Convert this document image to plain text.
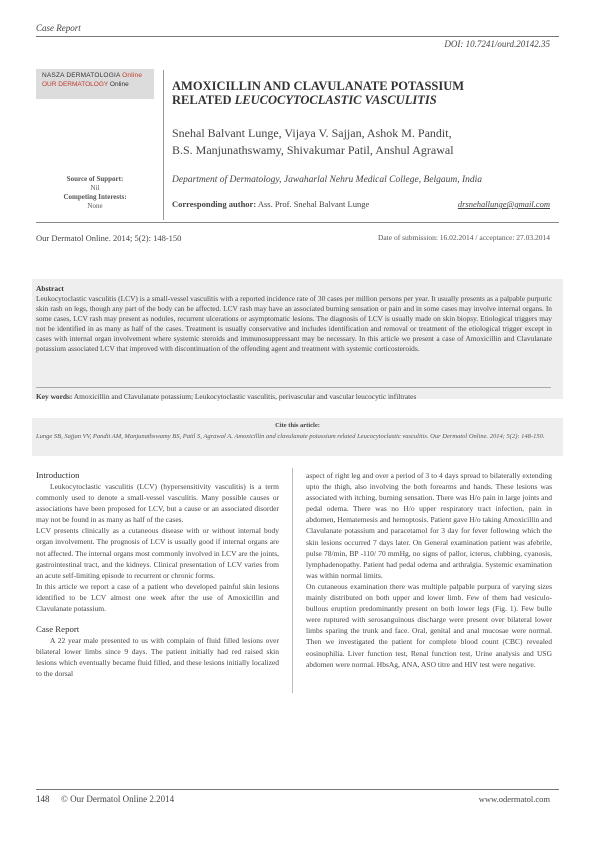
Case Report
DOI: 10.7241/ourd.20142.35
NASZA DERMATOLOGIA Online
OUR DERMATOLOGY Online	AMOXICILLIN AND CLAVULANATE POTASSIUM
RELATED LEUCOCYTOCLASTIC VASCULITIS
Snehal Balvant Lunge, Vijaya V. Sajjan, Ashok M. Pandit,
B.S. Manjunathswamy, Shivakumar Patil, Anshul Agrawal
Department of Dermatology, Jawaharlal Nehru Medical College, Belgaum, India
Corresponding author: Ass. Prof. Snehal Balvant Lunge	drsnehallunge@gmail.com
Source of Support:
Nil
Competing Interests:
None
Our Dermatol Online. 2014; 5(2): 148-150	Date of submission: 16.02.2014 / acceptance: 27.03.2014
Abstract
Leukocytoclastic vasculitis (LCV) is a small-vessel vasculitis with a reported incidence rate of 30 cases per million persons per year. It usually presents as a palpable purpuric skin rash on legs, though any part of the body can be affected. LCV rash may have an associated burning sensation or pain and in some cases may involve internal organs. In some cases, LCV rash may present as nodules, recurrent ulcerations or asymptomatic lesions. The diagnosis of LCV is usually made on skin biopsy. Etiological triggers may not be identified in as many as half of the cases. Treatment is usually conservative and includes identification and removal or treatment of the etiological trigger except in cases with internal organ involvement where systemic steroids and immunosuppressant may be necessary. In this article we present a case of Amoxicillin and Clavulanate potassium associated LCV that improved with discontinuation of the offending agent and treatment with systemic corticosteroids.
Key words: Amoxicillin and Clavulanate potassium; Leukocytoclastic vasculitis, perivascular and vascular leucocytic infiltrates
Cite this article:
Lunge SB, Sajjan VV, Pandit AM, Manjunathswamy BS, Patil S, Agrawal A. Amoxicillin and clavulanate potassium related Leucocytoclastic vasculitis. Our Dermatol Online. 2014; 5(2): 148-150.
Introduction
Leukocytoclastic vasculitis (LCV) (hypersensitivity vasculitis) is a term commonly used to denote a small-vessel vasculitis. Many possible causes or associations have been proposed for LCV, but a cause or an associated disorder may not be found in as many as half of the cases.
LCV presents clinically as a cutaneous disease with or without internal body organ involvement. The prognosis of LCV is usually good if internal organs are not affected. The internal organs most commonly involved in LCV are the joints, gastrointestinal tract, and the kidneys. Clinical presentation of LCV varies from an acute self-limiting episode to recurrent or chronic forms.
In this article we report a case of a patient who developed painful skin lesions identified to be LCV almost one week after the use of Amoxicillin and Clavulanate potassium.
Case Report
A 22 year male presented to us with complain of fluid filled lesions over bilateral lower limbs since 9 days. The patient initially had red raised skin lesions which eventually became fluid filled, and these lesions initially localized to the dorsal
aspect of right leg and over a period of 3 to 4 days spread to bilaterally extending upto the thigh, also involving the both forearms and hands. These lesions was associated with itching, burning sensation. There was H/o pain in large joints and pedal odema. There was no H/o upper respiratory tract infection, pain in abdomen, Hematemesis and hemoptosis. Patient gave H/o taking Amoxicillin and Clavulanate potassium and paracetamol for 3 day for fever following which the skin lesions occurred 7 days later. On General examination patient was afebrile, pulse 78/min, BP -110/ 70 mmHg, no signs of pallor, icterus, clubbing, cyanosis, lymphadenopathy. Patient had pedal odema and arthralgia. Systemic examination was within normal limits.
On cutaneous examination there was multiple palpable purpura of varying sizes mainly distributed on both upper and lower limb. Few of them had vesiculo-bullous eruption predominantly present on both lower legs (Fig. 1). Few bulle were ruptured with serosanguinous discharge were present over bilateral lower limbs sparing the trunk and face. Oral, genital and anal mucosae were normal. Then we investigated the patient for complete blood count (CBC) revealed eosinophilia. Liver function test, Renal function test, Urine analysis and USG abdomen were normal. HbsAg, ANA, ASO titre and HIV test were negative.
148 © Our Dermatol Online 2.2014	www.odermatol.com
